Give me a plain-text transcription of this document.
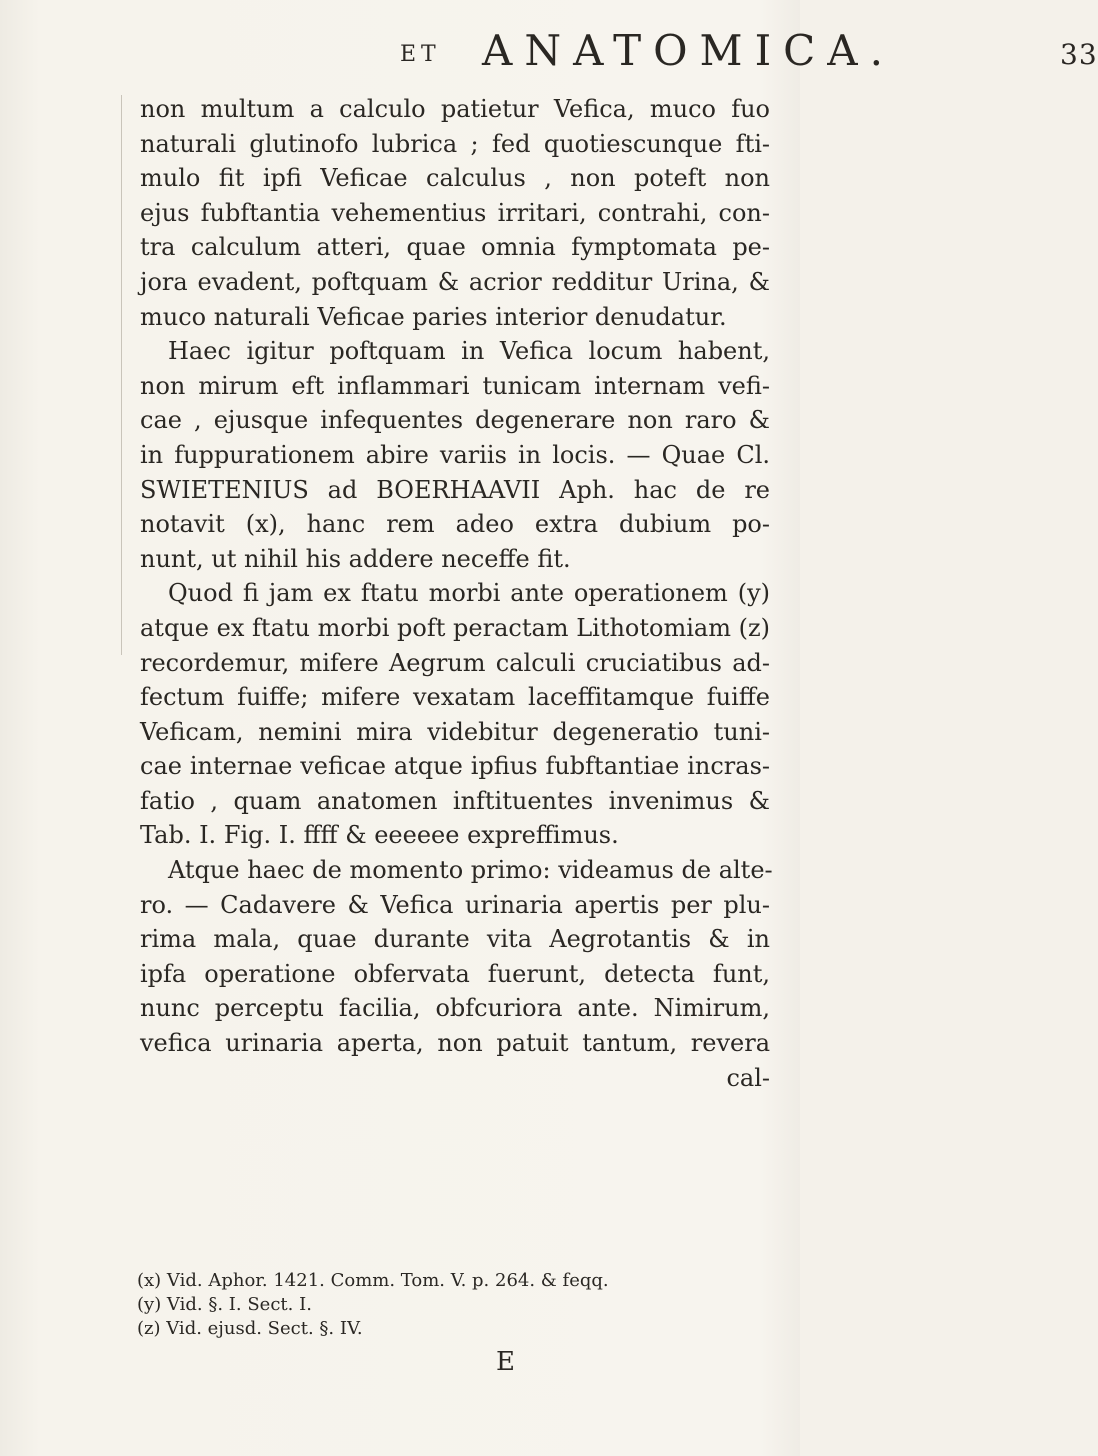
ET ANATOMICA.	33
non multum a calculo patietur Vefica, muco fuo
naturali glutinofo lubrica ; fed quotiescunque fti-
mulo fit ipfi Veficae calculus , non poteft non
ejus fubftantia vehementius irritari, contrahi, con-
tra calculum atteri, quae omnia fymptomata pe-
jora evadent, poftquam & acrior redditur Urina, &
muco naturali Veficae paries interior denudatur.
Haec igitur poftquam in Vefica locum habent,
non mirum eft inflammari tunicam internam vefi-
cae , ejusque infequentes degenerare non raro &
in fuppurationem abire variis in locis. — Quae Cl.
SWIETENIUS ad BOERHAAVII Aph. hac de re
notavit (x), hanc rem adeo extra dubium po-
nunt, ut nihil his addere neceffe fit.
Quod fi jam ex ftatu morbi ante operationem (y)
atque ex ftatu morbi poft peractam Lithotomiam (z)
recordemur, mifere Aegrum calculi cruciatibus ad-
fectum fuiffe; mifere vexatam laceffitamque fuiffe
Veficam, nemini mira videbitur degeneratio tuni-
cae internae veficae atque ipfius fubftantiae incras-
fatio , quam anatomen inftituentes invenimus &
Tab. I. Fig. I. ffff & eeeeee expreffimus.
Atque haec de momento primo: videamus de alte-
ro. — Cadavere & Vefica urinaria apertis per plu-
rima mala, quae durante vita Aegrotantis & in
ipfa operatione obfervata fuerunt, detecta funt,
nunc perceptu facilia, obfcuriora ante. Nimirum,
vefica urinaria aperta, non patuit tantum, revera
cal-
(x) Vid. Aphor. 1421. Comm. Tom. V. p. 264. & feqq.
(y) Vid. §. I. Sect. I.
(z) Vid. ejusd. Sect. §. IV.
E
